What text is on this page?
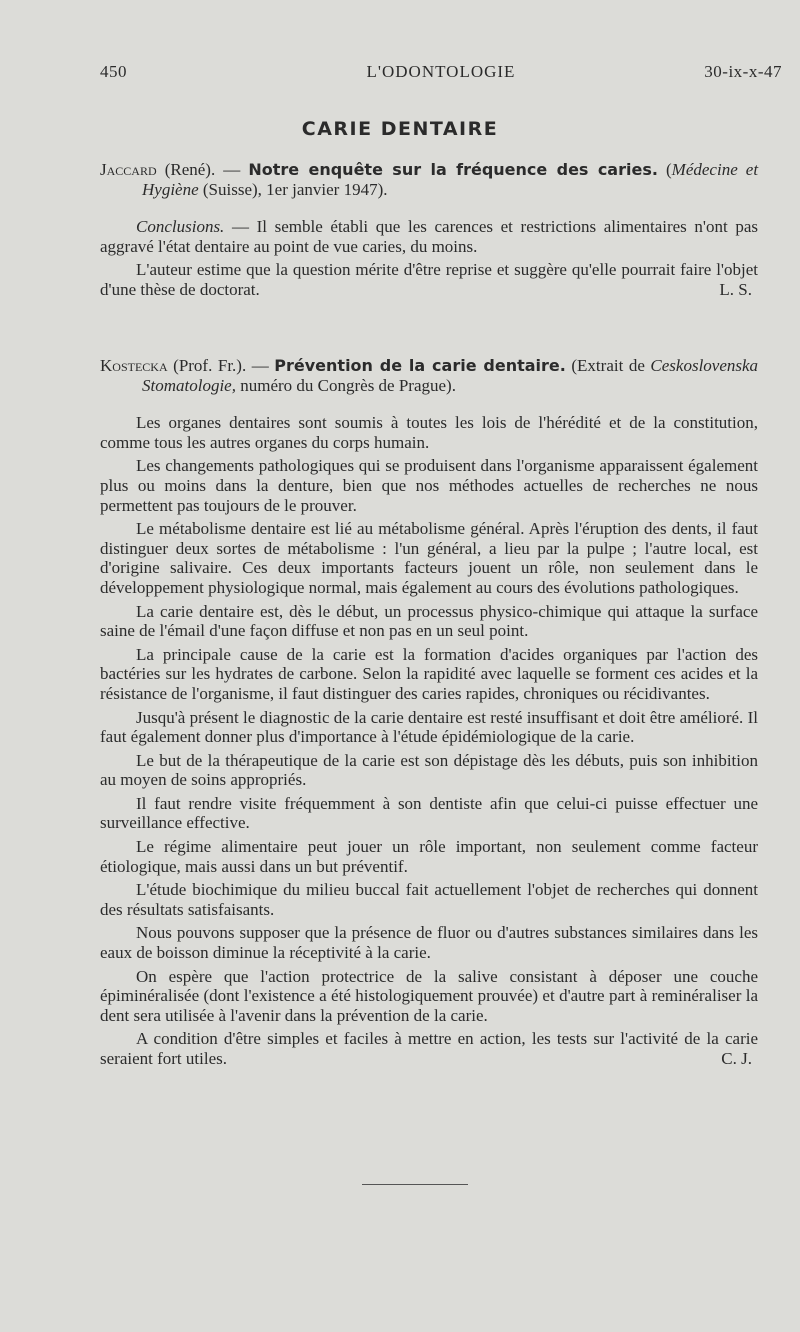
450	L'ODONTOLOGIE	30-ix-x-47
CARIE DENTAIRE

Jaccard (René). — Notre enquête sur la fréquence des caries. (Médecine et Hygiène (Suisse), 1er janvier 1947).

Conclusions. — Il semble établi que les carences et restrictions alimentaires n'ont pas aggravé l'état dentaire au point de vue caries, du moins.

L'auteur estime que la question mérite d'être reprise et suggère qu'elle pourrait faire l'objet d'une thèse de doctorat.	L. S.

Kostecka (Prof. Fr.). — Prévention de la carie dentaire. (Extrait de Ceskoslovenska Stomatologie, numéro du Congrès de Prague).

Les organes dentaires sont soumis à toutes les lois de l'hérédité et de la constitution, comme tous les autres organes du corps humain.

Les changements pathologiques qui se produisent dans l'organisme apparaissent également plus ou moins dans la denture, bien que nos méthodes actuelles de recherches ne nous permettent pas toujours de le prouver.

Le métabolisme dentaire est lié au métabolisme général. Après l'éruption des dents, il faut distinguer deux sortes de métabolisme : l'un général, a lieu par la pulpe ; l'autre local, est d'origine salivaire. Ces deux importants facteurs jouent un rôle, non seulement dans le développement physiologique normal, mais également au cours des évolutions pathologiques.

La carie dentaire est, dès le début, un processus physico-chimique qui attaque la surface saine de l'émail d'une façon diffuse et non pas en un seul point.

La principale cause de la carie est la formation d'acides organiques par l'action des bactéries sur les hydrates de carbone. Selon la rapidité avec laquelle se forment ces acides et la résistance de l'organisme, il faut distinguer des caries rapides, chroniques ou récidivantes.

Jusqu'à présent le diagnostic de la carie dentaire est resté insuffisant et doit être amélioré. Il faut également donner plus d'importance à l'étude épidémiologique de la carie.

Le but de la thérapeutique de la carie est son dépistage dès les débuts, puis son inhibition au moyen de soins appropriés.

Il faut rendre visite fréquemment à son dentiste afin que celui-ci puisse effectuer une surveillance effective.

Le régime alimentaire peut jouer un rôle important, non seulement comme facteur étiologique, mais aussi dans un but préventif.

L'étude biochimique du milieu buccal fait actuellement l'objet de recherches qui donnent des résultats satisfaisants.

Nous pouvons supposer que la présence de fluor ou d'autres substances similaires dans les eaux de boisson diminue la réceptivité à la carie.

On espère que l'action protectrice de la salive consistant à déposer une couche épiminéralisée (dont l'existence a été histologiquement prouvée) et d'autre part à reminéraliser la dent sera utilisée à l'avenir dans la prévention de la carie.

A condition d'être simples et faciles à mettre en action, les tests sur l'activité de la carie seraient fort utiles.	C. J.
